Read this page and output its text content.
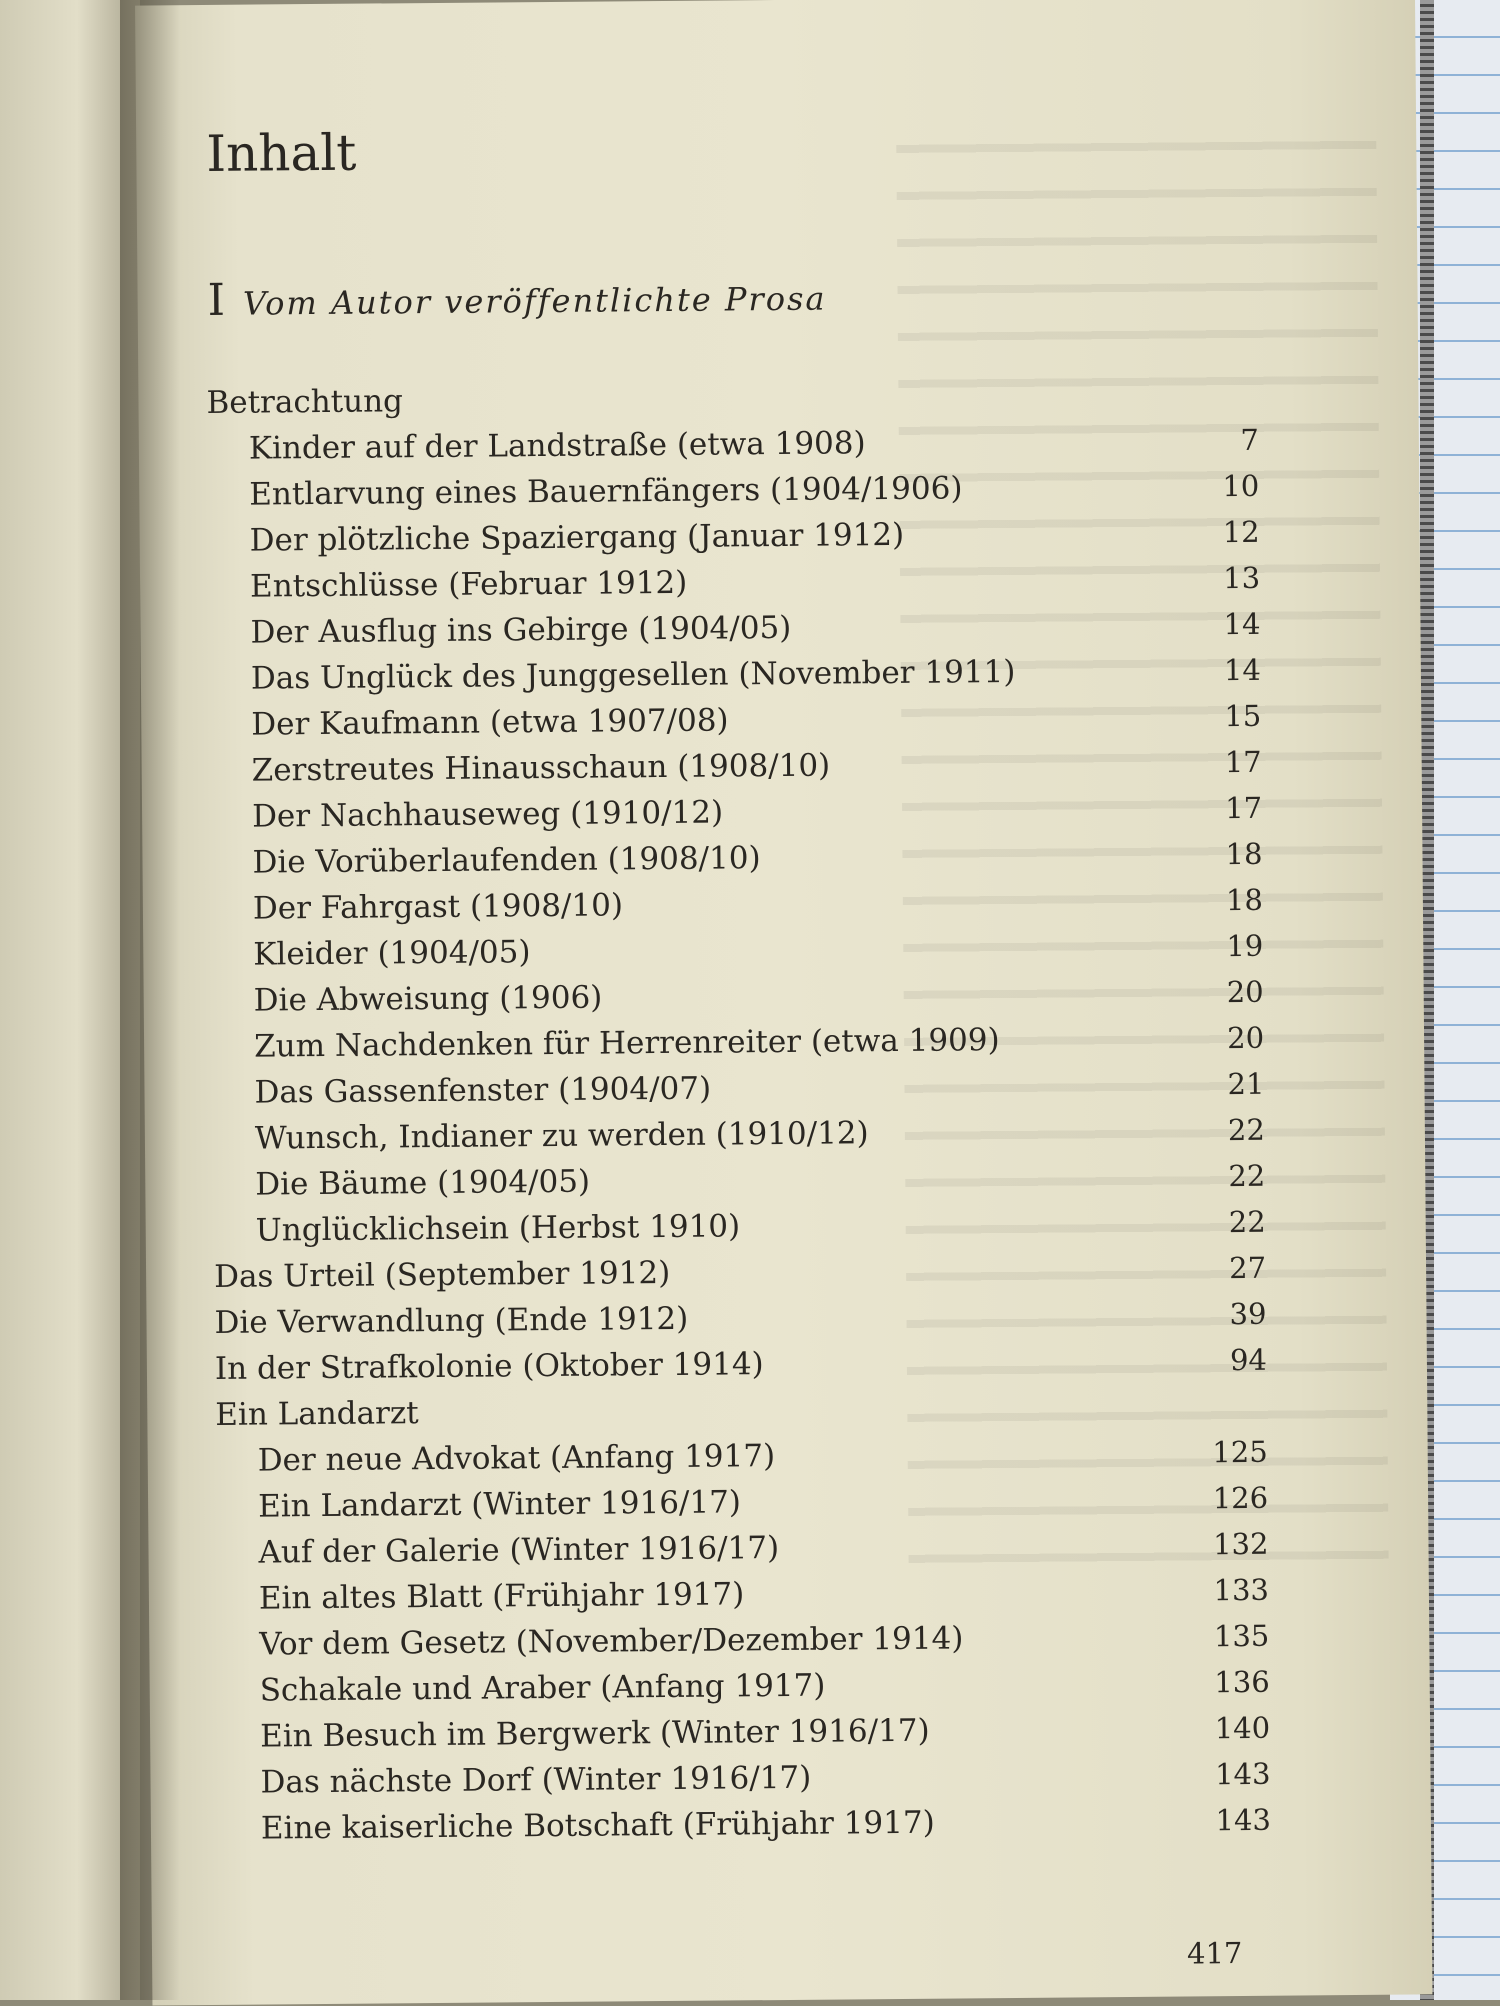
Inhalt
I Vom Autor veröffentlichte Prosa
Betrachtung
Kinder auf der Landstraße (etwa 1908)	7
Entlarvung eines Bauernfängers (1904/1906)	10
Der plötzliche Spaziergang (Januar 1912)	12
Entschlüsse (Februar 1912)	13
Der Ausflug ins Gebirge (1904/05)	14
Das Unglück des Junggesellen (November 1911)	14
Der Kaufmann (etwa 1907/08)	15
Zerstreutes Hinausschaun (1908/10)	17
Der Nachhauseweg (1910/12)	17
Die Vorüberlaufenden (1908/10)	18
Der Fahrgast (1908/10)	18
Kleider (1904/05)	19
Die Abweisung (1906)	20
Zum Nachdenken für Herrenreiter (etwa 1909)	20
Das Gassenfenster (1904/07)	21
Wunsch, Indianer zu werden (1910/12)	22
Die Bäume (1904/05)	22
Unglücklichsein (Herbst 1910)	22
Das Urteil (September 1912)	27
Die Verwandlung (Ende 1912)	39
In der Strafkolonie (Oktober 1914)	94
Ein Landarzt
Der neue Advokat (Anfang 1917)	125
Ein Landarzt (Winter 1916/17)	126
Auf der Galerie (Winter 1916/17)	132
Ein altes Blatt (Frühjahr 1917)	133
Vor dem Gesetz (November/Dezember 1914)	135
Schakale und Araber (Anfang 1917)	136
Ein Besuch im Bergwerk (Winter 1916/17)	140
Das nächste Dorf (Winter 1916/17)	143
Eine kaiserliche Botschaft (Frühjahr 1917)	143
417
